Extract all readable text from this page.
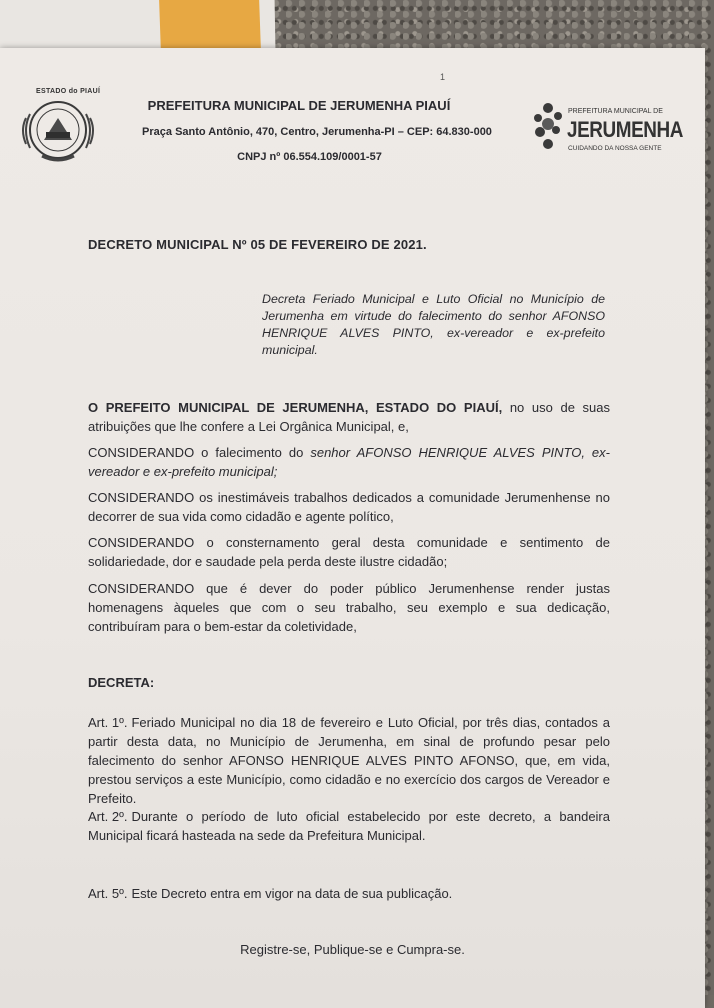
1
ESTADO do PIAUÍ
PREFEITURA MUNICIPAL DE JERUMENHA PIAUÍ
Praça Santo Antônio, 470, Centro, Jerumenha-PI – CEP: 64.830-000
CNPJ nº 06.554.109/0001-57
PREFEITURA MUNICIPAL DE
JERUMENHA
CUIDANDO DA NOSSA GENTE
DECRETO MUNICIPAL Nº 05 DE FEVEREIRO DE 2021.
Decreta Feriado Municipal e Luto Oficial no Município de Jerumenha em virtude do falecimento do senhor AFONSO HENRIQUE ALVES PINTO, ex-vereador e ex-prefeito municipal.
O PREFEITO MUNICIPAL DE JERUMENHA, ESTADO DO PIAUÍ, no uso de suas atribuições que lhe confere a Lei Orgânica Municipal, e,
CONSIDERANDO o falecimento do senhor AFONSO HENRIQUE ALVES PINTO, ex-vereador e ex-prefeito municipal;
CONSIDERANDO os inestimáveis trabalhos dedicados a comunidade Jerumenhense no decorrer de sua vida como cidadão e agente político,
CONSIDERANDO o consternamento geral desta comunidade e sentimento de solidariedade, dor e saudade pela perda deste ilustre cidadão;
CONSIDERANDO que é dever do poder público Jerumenhense render justas homenagens àqueles que com o seu trabalho, seu exemplo e sua dedicação, contribuíram para o bem-estar da coletividade,
DECRETA:
Art. 1º. Feriado Municipal no dia 18 de fevereiro e Luto Oficial, por três dias, contados a partir desta data, no Município de Jerumenha, em sinal de profundo pesar pelo falecimento do senhor AFONSO HENRIQUE ALVES PINTO AFONSO, que, em vida, prestou serviços a este Município, como cidadão e no exercício dos cargos de Vereador e Prefeito.
Art. 2º. Durante o período de luto oficial estabelecido por este decreto, a bandeira Municipal ficará hasteada na sede da Prefeitura Municipal.
Art. 5º. Este Decreto entra em vigor na data de sua publicação.
Registre-se, Publique-se e Cumpra-se.
